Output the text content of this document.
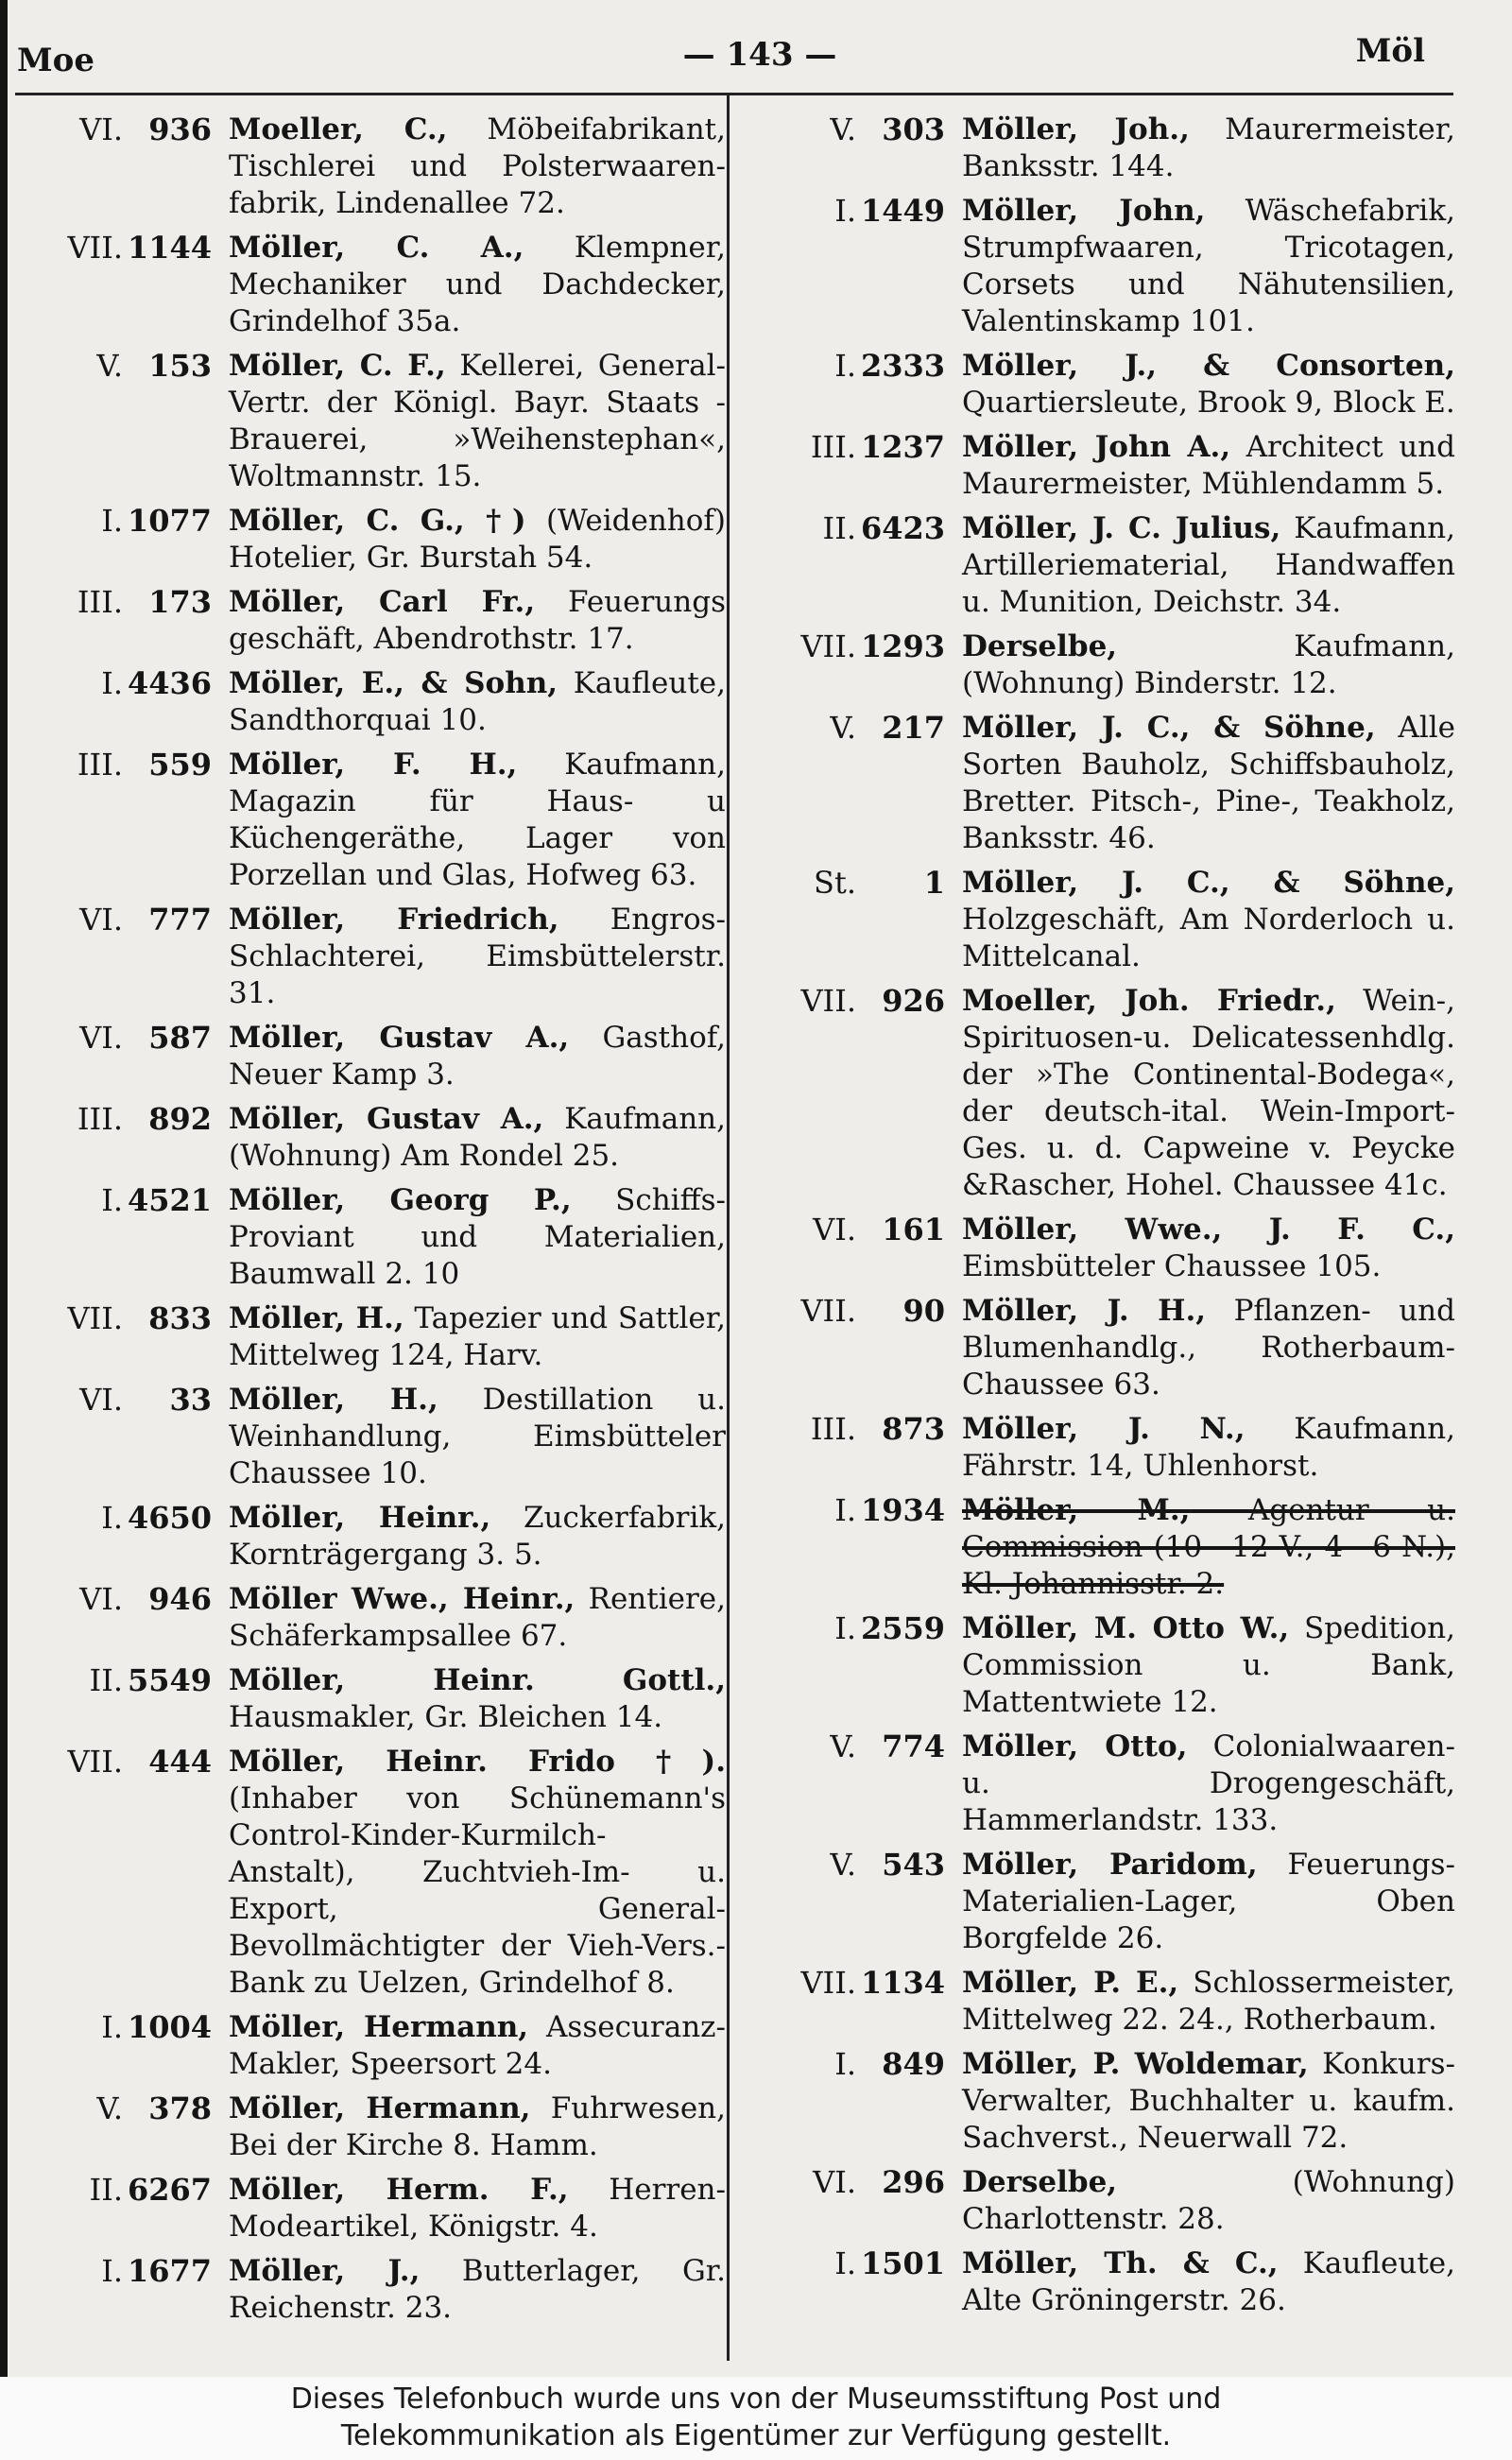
Moe	— 143 —	Möl
VI. 936 Moeller, C., Möbeifabrikant, Tischlerei und Polsterwaaren-fabrik, Lindenallee 72.
VII. 1144 Möller, C. A., Klempner, Mechaniker und Dachdecker, Grindelhof 35a.
V. 153 Möller, C. F., Kellerei, General-Vertr. der Königl. Bayr. Staats - Brauerei, »Weihenstephan«, Woltmannstr. 15.
I. 1077 Möller, C. G., †) (Weidenhof) Hotelier, Gr. Burstah 54.
III. 173 Möller, Carl Fr., Feuerungs geschäft, Abendrothstr. 17.
I. 4436 Möller, E., & Sohn, Kaufleute, Sandthorquai 10.
III. 559 Möller, F. H., Kaufmann, Magazin für Haus- u Küchengeräthe, Lager von Porzellan und Glas, Hofweg 63.
VI. 777 Möller, Friedrich, Engros-Schlachterei, Eimsbüttelerstr. 31.
VI. 587 Möller, Gustav A., Gasthof, Neuer Kamp 3.
III. 892 Möller, Gustav A., Kaufmann, (Wohnung) Am Rondel 25.
I. 4521 Möller, Georg P., Schiffs-Proviant und Materialien, Baumwall 2. 10
VII. 833 Möller, H., Tapezier und Sattler, Mittelweg 124, Harv.
VI.	33 Möller, H., Destillation u. Weinhandlung, Eimsbütteler Chaussee 10.
I. 4650 Möller, Heinr., Zuckerfabrik, Kornträgergang 3. 5.
VI. 946 Möller Wwe., Heinr., Rentiere, Schäferkampsallee 67.
II. 5549 Möller, Heinr. Gottl., Hausmakler, Gr. Bleichen 14.
VII. 444 Möller, Heinr. Frido †). (Inhaber von Schünemann's Control-Kinder-Kurmilch-Anstalt), Zuchtvieh-Im- u. Export, General-Bevollmächtigter der Vieh-Vers.-Bank zu Uelzen, Grindelhof 8.
I. 1004 Möller, Hermann, Assecuranz-Makler, Speersort 24.
V. 378 Möller, Hermann, Fuhrwesen, Bei der Kirche 8. Hamm.
II. 6267 Möller, Herm. F., Herren-Modeartikel, Königstr. 4.
I. 1677 Möller, J., Butterlager, Gr. Reichenstr. 23.
V. 303 Möller, Joh., Maurermeister, Banksstr. 144.
I. 1449 Möller, John, Wäschefabrik, Strumpfwaaren, Tricotagen, Corsets und Nähutensilien, Valentinskamp 101.
I. 2333 Möller, J., & Consorten, Quartiersleute, Brook 9, Block E.
III. 1237 Möller, John A., Architect und Maurermeister, Mühlendamm 5.
II. 6423 Möller, J. C. Julius, Kaufmann, Artilleriematerial, Handwaffen u. Munition, Deichstr. 34.
VII. 1293 Derselbe, Kaufmann, (Wohnung) Binderstr. 12.
V. 217 Möller, J. C., & Söhne, Alle Sorten Bauholz, Schiffsbauholz, Bretter. Pitsch-, Pine-, Teakholz, Banksstr. 46.
St.	1 Möller, J. C., & Söhne, Holzgeschäft, Am Norderloch u. Mittelcanal.
VII. 926 Moeller, Joh. Friedr., Wein-, Spirituosen-u. Delicatessenhdlg. der »The Continental-Bodega«, der deutsch-ital. Wein-Import-Ges. u. d. Capweine v. Peycke &Rascher, Hohel. Chaussee 41c.
VI. 161 Möller, Wwe., J. F. C., Eimsbütteler Chaussee 105.
VII.	90 Möller, J. H., Pflanzen- und Blumenhandlg., Rotherbaum-Chaussee 63.
III. 873 Möller, J. N., Kaufmann, Fährstr. 14, Uhlenhorst.
I. 1934 Möller, M., Agentur u. Commission (10—12 V., 4—6 N.), Kl. Johannisstr. 2.
I. 2559 Möller, M. Otto W., Spedition, Commission u. Bank, Mattentwiete 12.
V. 774 Möller, Otto, Colonialwaaren- u. Drogengeschäft, Hammerlandstr. 133.
V. 543 Möller, Paridom, Feuerungs-Materialien-Lager, Oben Borgfelde 26.
VII. 1134 Möller, P. E., Schlossermeister, Mittelweg 22. 24., Rotherbaum.
I. 849 Möller, P. Woldemar, Konkurs-Verwalter, Buchhalter u. kaufm. Sachverst., Neuerwall 72.
VI. 296 Derselbe, (Wohnung) Charlottenstr. 28.
I. 1501 Möller, Th. & C., Kaufleute, Alte Gröningerstr. 26.
Dieses Telefonbuch wurde uns von der Museumsstiftung Post und
Telekommunikation als Eigentümer zur Verfügung gestellt.
